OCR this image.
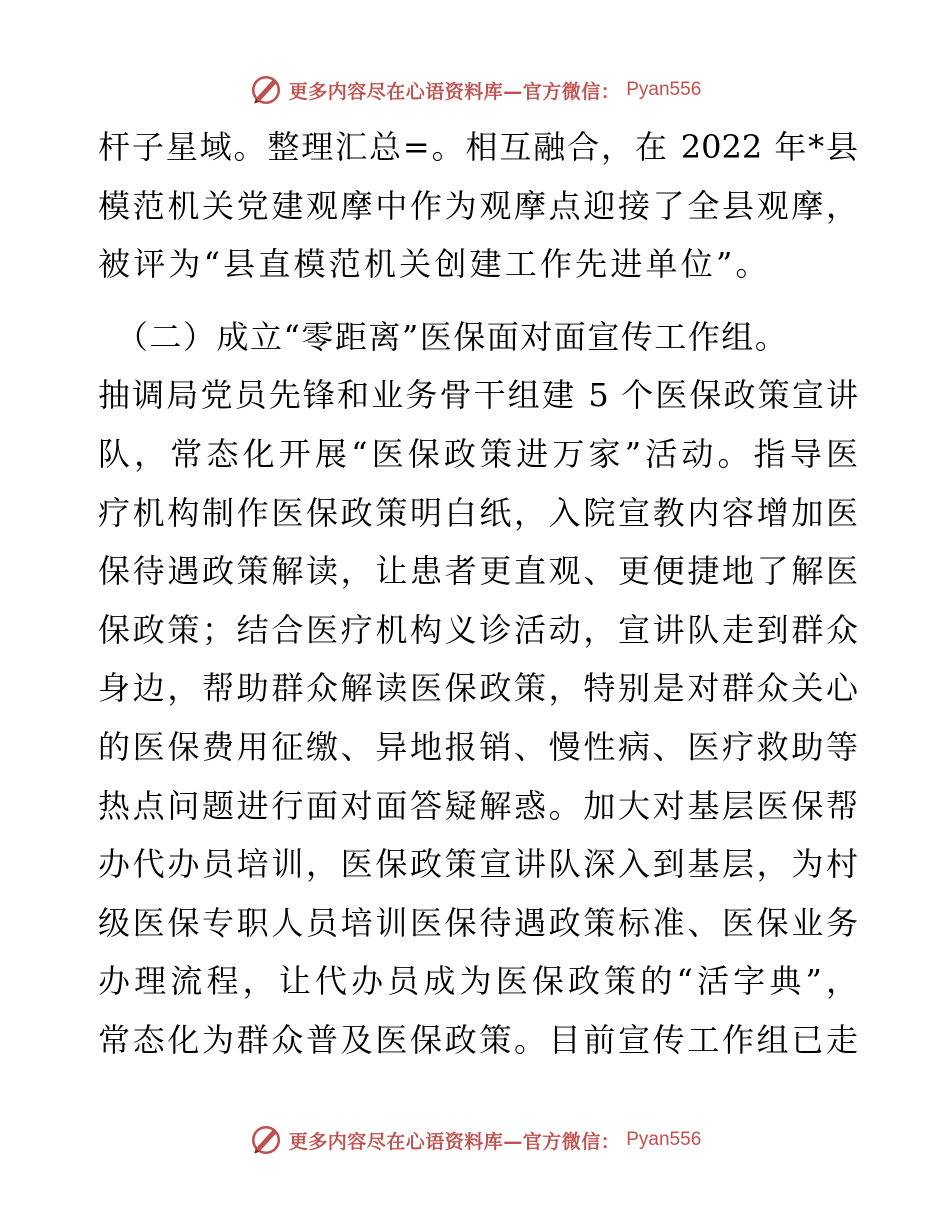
更多内容尽在心语资料库—官方微信： Pyan556
杆子星域。整理汇总=。相互融合，在 2022 年*县
模范机关党建观摩中作为观摩点迎接了全县观摩，
被评为“县直模范机关创建工作先进单位”。
（二）成立“零距离”医保面对面宣传工作组。
抽调局党员先锋和业务骨干组建 5 个医保政策宣讲
队，常态化开展“医保政策进万家”活动。指导医
疗机构制作医保政策明白纸，入院宣教内容增加医
保待遇政策解读，让患者更直观、更便捷地了解医
保政策；结合医疗机构义诊活动，宣讲队走到群众
身边，帮助群众解读医保政策，特别是对群众关心
的医保费用征缴、异地报销、慢性病、医疗救助等
热点问题进行面对面答疑解惑。加大对基层医保帮
办代办员培训，医保政策宣讲队深入到基层，为村
级医保专职人员培训医保待遇政策标准、医保业务
办理流程，让代办员成为医保政策的“活字典”，
常态化为群众普及医保政策。目前宣传工作组已走
更多内容尽在心语资料库—官方微信： Pyan556
